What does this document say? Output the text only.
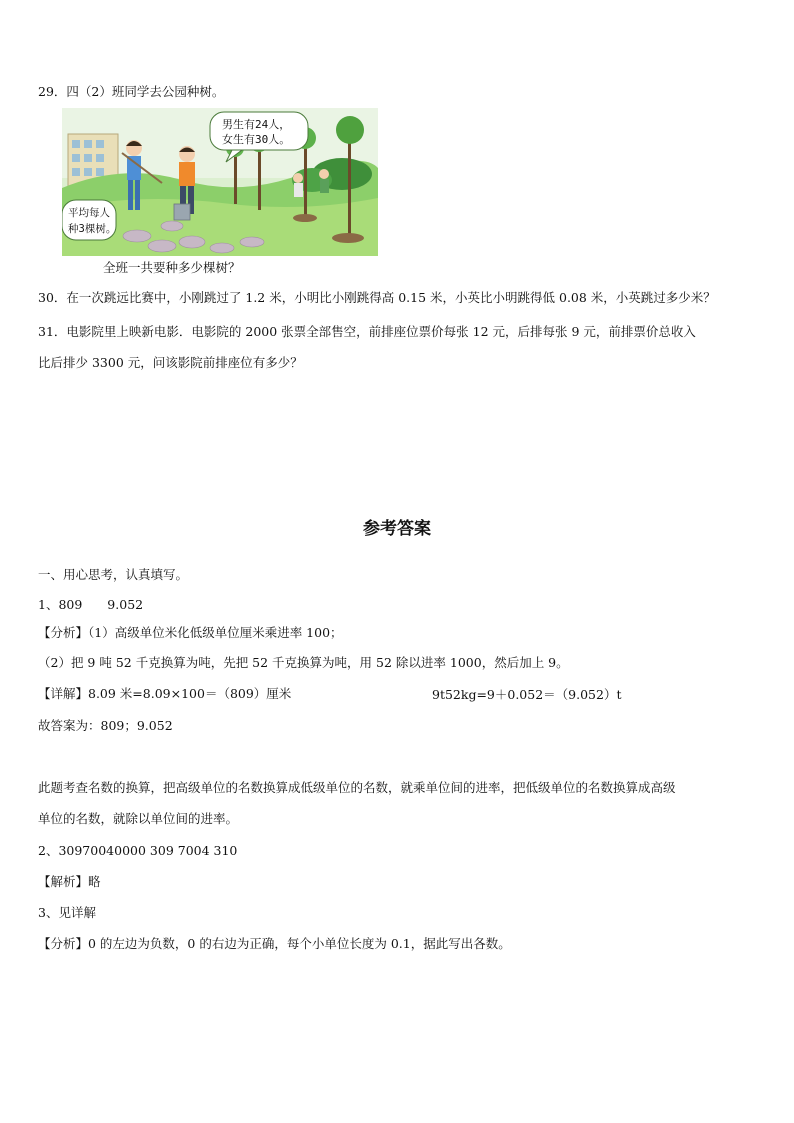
29．四（2）班同学去公园种树。
男生有24人，
女生有30人。
平均每人
种3棵树。
全班一共要种多少棵树？
30．在一次跳远比赛中，小刚跳过了 1.2 米，小明比小刚跳得高 0.15 米，小英比小明跳得低 0.08 米，小英跳过多少米？
31．电影院里上映新电影．电影院的 2000 张票全部售空，前排座位票价每张 12 元，后排每张 9 元，前排票价总收入
比后排少 3300 元，问该影院前排座位有多少？
参考答案
一、用心思考，认真填写。
1、809　　9.052
【分析】（1）高级单位米化低级单位厘米乘进率 100；
（2）把 9 吨 52 千克换算为吨，先把 52 千克换算为吨，用 52 除以进率 1000，然后加上 9。
【详解】8.09 米=8.09×100＝（809）厘米	9t52kg=9＋0.052＝（9.052）t
故答案为：809；9.052
此题考查名数的换算，把高级单位的名数换算成低级单位的名数，就乘单位间的进率，把低级单位的名数换算成高级
单位的名数，就除以单位间的进率。
2、30970040000 309 7004 310
【解析】略
3、见详解
【分析】0 的左边为负数，0 的右边为正确，每个小单位长度为 0.1，据此写出各数。
